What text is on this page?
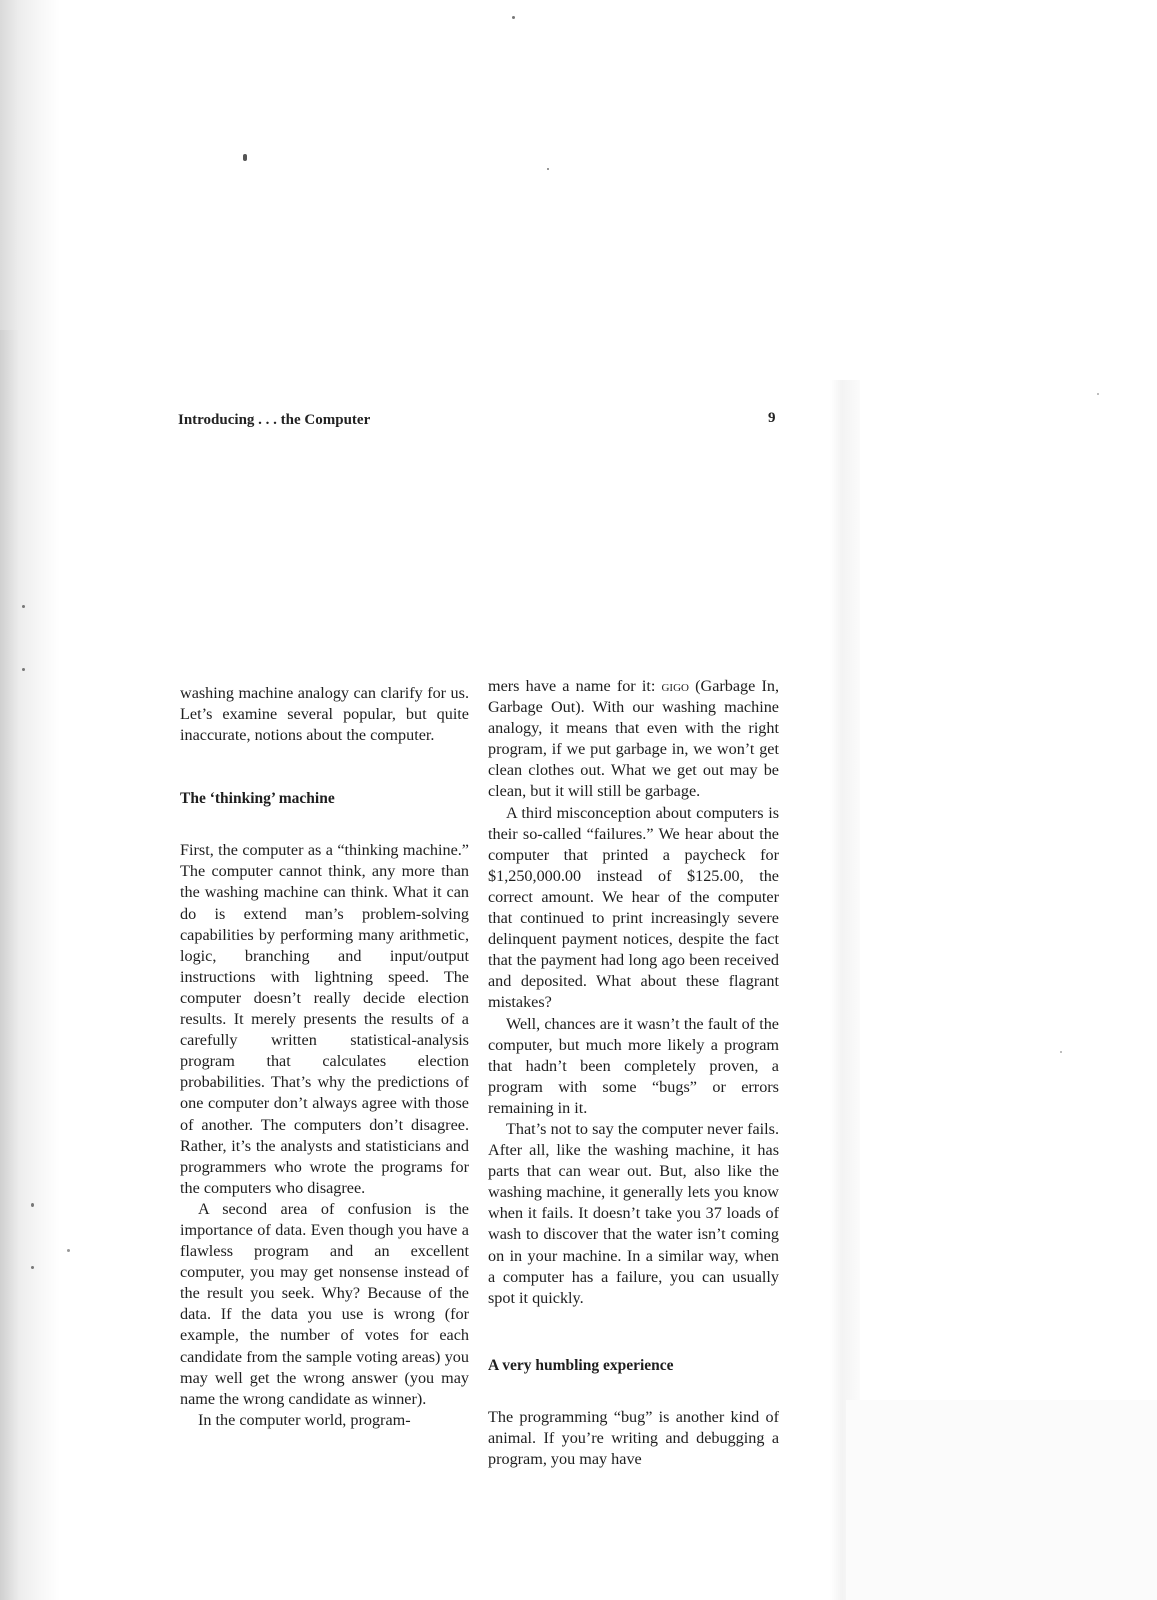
Introducing . . . the Computer	9

washing machine analogy can clarify for us. Let’s examine several popular, but quite inaccurate, notions about the computer.

The ‘thinking’ machine

First, the computer as a “thinking machine.” The computer cannot think, any more than the washing machine can think. What it can do is extend man’s problem-solving capabilities by performing many arithmetic, logic, branching and input/output instructions with lightning speed. The computer doesn’t really decide election results. It merely presents the results of a carefully written statistical-analysis program that calculates election probabilities. That’s why the predictions of one computer don’t always agree with those of another. The computers don’t disagree. Rather, it’s the analysts and statisticians and programmers who wrote the programs for the computers who disagree.

A second area of confusion is the importance of data. Even though you have a flawless program and an excellent computer, you may get nonsense instead of the result you seek. Why? Because of the data. If the data you use is wrong (for example, the number of votes for each candidate from the sample voting areas) you may well get the wrong answer (you may name the wrong candidate as winner).

In the computer world, program-

mers have a name for it: gigo (Garbage In, Garbage Out). With our washing machine analogy, it means that even with the right program, if we put garbage in, we won’t get clean clothes out. What we get out may be clean, but it will still be garbage.

A third misconception about computers is their so-called “failures.” We hear about the computer that printed a paycheck for $1,250,000.00 instead of $125.00, the correct amount. We hear of the computer that continued to print increasingly severe delinquent payment notices, despite the fact that the payment had long ago been received and deposited. What about these flagrant mistakes?

Well, chances are it wasn’t the fault of the computer, but much more likely a program that hadn’t been completely proven, a program with some “bugs” or errors remaining in it.

That’s not to say the computer never fails. After all, like the washing machine, it has parts that can wear out. But, also like the washing machine, it generally lets you know when it fails. It doesn’t take you 37 loads of wash to discover that the water isn’t coming on in your machine. In a similar way, when a computer has a failure, you can usually spot it quickly.

A very humbling experience

The programming “bug” is another kind of animal. If you’re writing and debugging a program, you may have
